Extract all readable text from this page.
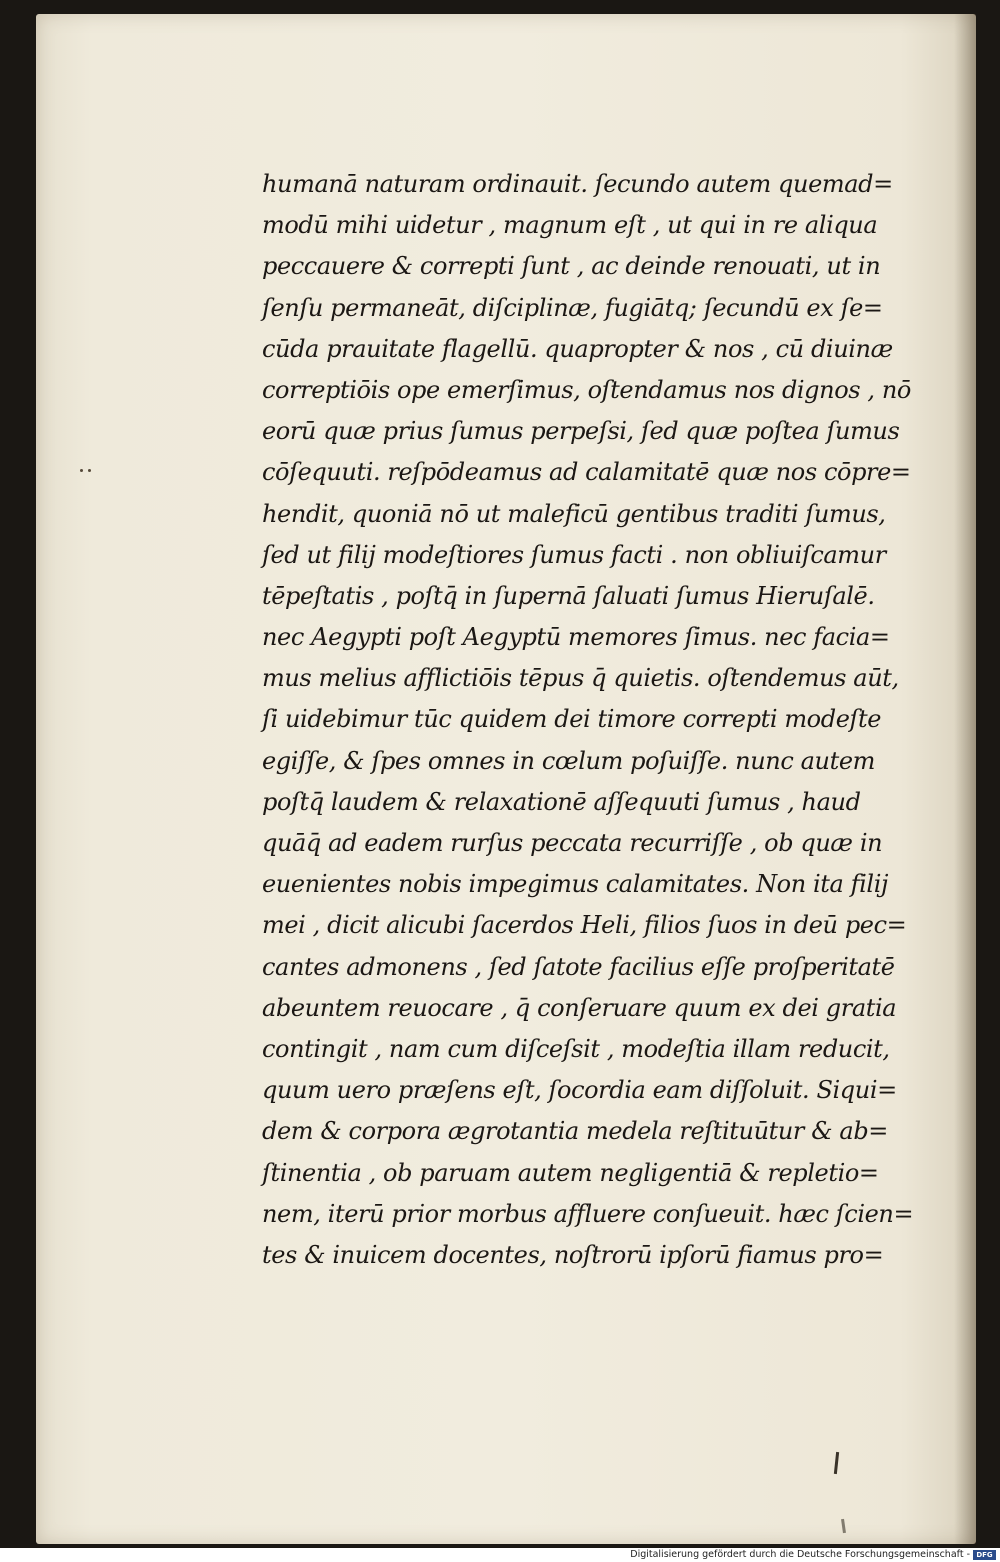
humanā naturam ordinauit. ſecundo autem quemad=
modū mihi uidetur , magnum eſt , ut qui in re aliqua
peccauere & correpti ſunt , ac deinde renouati, ut in
ſenſu permaneāt, diſciplinæ, fugiātq; ſecundū ex ſe=
cūda prauitate flagellū. quapropter & nos , cū diuinæ
correptiōis ope emerſimus, oſtendamus nos dignos , nō
eorū quæ prius ſumus perpeſsi, ſed quæ poſtea ſumus
cōſequuti. reſpōdeamus ad calamitatē quæ nos cōpre=
hendit, quoniā nō ut maleficū gentibus traditi ſumus,
ſed ut filij modeſtiores ſumus facti . non obliuiſcamur
tēpeſtatis , poſtq̄ in ſupernā ſaluati ſumus Hieruſalē.
nec Aegypti poſt Aegyptū memores ſimus. nec facia=
mus melius afflictiōis tēpus q̄ quietis. oſtendemus aūt,
ſi uidebimur tūc quidem dei timore correpti modeſte
egiſſe, & ſpes omnes in cœlum poſuiſſe. nunc autem
poſtq̄ laudem & relaxationē aſſequuti ſumus , haud
quāq̄ ad eadem rurſus peccata recurriſſe , ob quæ in
euenientes nobis impegimus calamitates. Non ita filij
mei , dicit alicubi ſacerdos Heli, filios ſuos in deū pec=
cantes admonens , ſed ſatote facilius eſſe proſperitatē
abeuntem reuocare , q̄ conſeruare quum ex dei gratia
contingit , nam cum diſceſsit , modeſtia illam reducit,
quum uero præſens eſt, ſocordia eam diſſoluit. Siqui=
dem & corpora ægrotantia medela reſtituūtur & ab=
ſtinentia , ob paruam autem negligentiā & repletio=
nem, iterū prior morbus affluere conſueuit. hæc ſcien=
tes & inuicem docentes, noſtrorū ipſorū fiamus pro=
Digitalisierung gefördert durch die Deutsche Forschungsgemeinschaft - DFG
